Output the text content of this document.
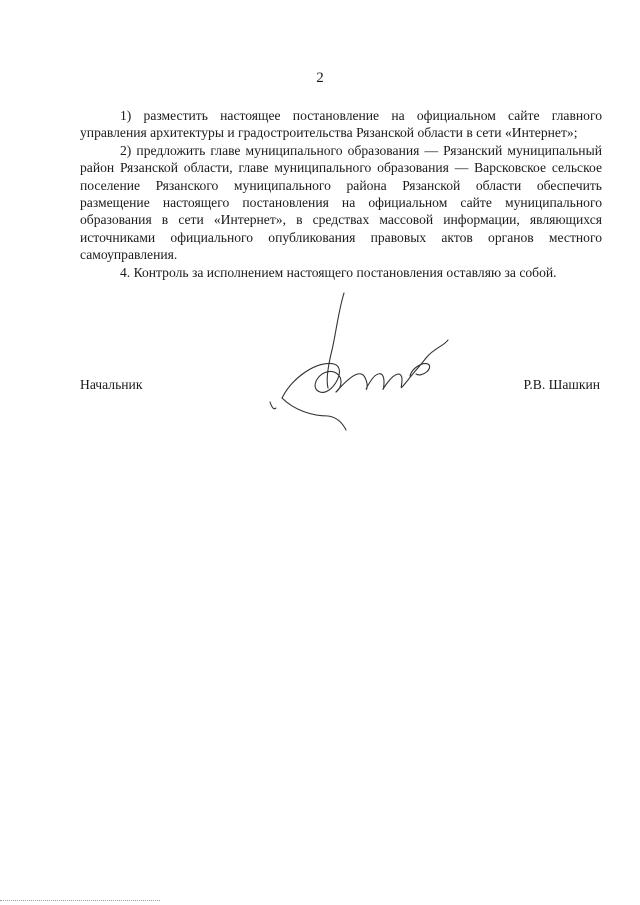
2

1) разместить настоящее постановление на официальном сайте главного управления архитектуры и градостроительства Рязанской области в сети «Интернет»;

2) предложить главе муниципального образования — Рязанский муниципальный район Рязанской области, главе муниципального образования — Варсковское сельское поселение Рязанского муниципального района Рязанской области обеспечить размещение настоящего постановления на официальном сайте муниципального образования в сети «Интернет», в средствах массовой информации, являющихся источниками официального опубликования правовых актов органов местного самоуправления.

4. Контроль за исполнением настоящего постановления оставляю за собой.

Начальник	Р.В. Шашкин
